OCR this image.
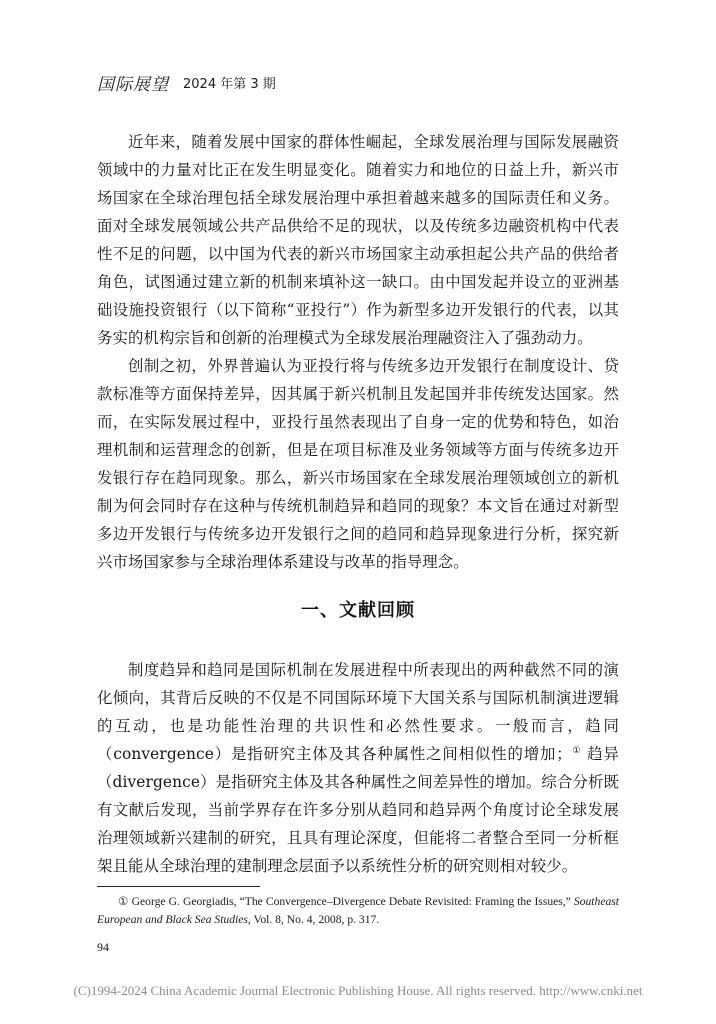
国际展望 2024 年第 3 期

近年来，随着发展中国家的群体性崛起，全球发展治理与国际发展融资领域中的力量对比正在发生明显变化。随着实力和地位的日益上升，新兴市场国家在全球治理包括全球发展治理中承担着越来越多的国际责任和义务。面对全球发展领域公共产品供给不足的现状，以及传统多边融资机构中代表性不足的问题，以中国为代表的新兴市场国家主动承担起公共产品的供给者角色，试图通过建立新的机制来填补这一缺口。由中国发起并设立的亚洲基础设施投资银行（以下简称“亚投行”）作为新型多边开发银行的代表，以其务实的机构宗旨和创新的治理模式为全球发展治理融资注入了强劲动力。

创制之初，外界普遍认为亚投行将与传统多边开发银行在制度设计、贷款标准等方面保持差异，因其属于新兴机制且发起国并非传统发达国家。然而，在实际发展过程中，亚投行虽然表现出了自身一定的优势和特色，如治理机制和运营理念的创新，但是在项目标准及业务领域等方面与传统多边开发银行存在趋同现象。那么，新兴市场国家在全球发展治理领域创立的新机制为何会同时存在这种与传统机制趋异和趋同的现象？本文旨在通过对新型多边开发银行与传统多边开发银行之间的趋同和趋异现象进行分析，探究新兴市场国家参与全球治理体系建设与改革的指导理念。

一、文献回顾

制度趋异和趋同是国际机制在发展进程中所表现出的两种截然不同的演化倾向，其背后反映的不仅是不同国际环境下大国关系与国际机制演进逻辑的互动，也是功能性治理的共识性和必然性要求。一般而言，趋同（convergence）是指研究主体及其各种属性之间相似性的增加；① 趋异（divergence）是指研究主体及其各种属性之间差异性的增加。综合分析既有文献后发现，当前学界存在许多分别从趋同和趋异两个角度讨论全球发展治理领域新兴建制的研究，且具有理论深度，但能将二者整合至同一分析框架且能从全球治理的建制理念层面予以系统性分析的研究则相对较少。

① George G. Georgiadis, “The Convergence–Divergence Debate Revisited: Framing the Issues,” Southeast European and Black Sea Studies, Vol. 8, No. 4, 2008, p. 317.

94
(C)1994-2024 China Academic Journal Electronic Publishing House. All rights reserved. http://www.cnki.net
